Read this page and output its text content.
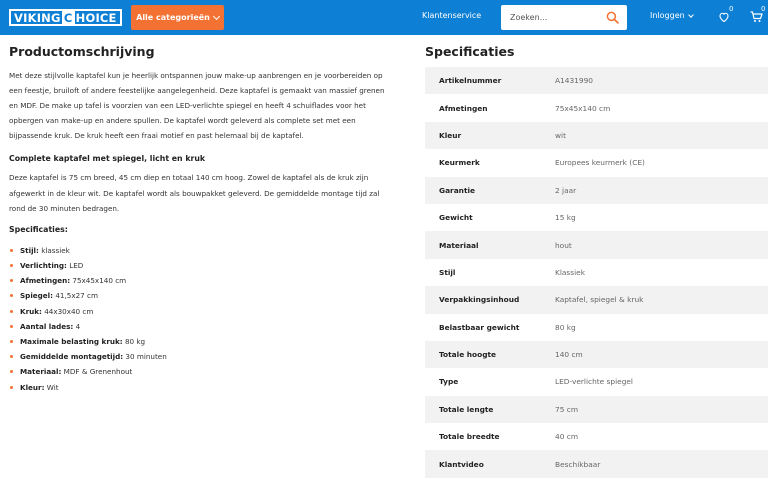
VIKING C HOICE Alle categorieën	Klantenservice
Zoeken...	Inloggen
0	0
Productomschrijving

Met deze stijlvolle kaptafel kun je heerlijk ontspannen jouw make-up aanbrengen en je voorbereiden op een feestje, bruiloft of andere feestelijke aangelegenheid. Deze kaptafel is gemaakt van massief grenen en MDF. De make up tafel is voorzien van een LED-verlichte spiegel en heeft 4 schuiflades voor het opbergen van make-up en andere spullen. De kaptafel wordt geleverd als complete set met een bijpassende kruk. De kruk heeft een fraai motief en past helemaal bij de kaptafel.

Complete kaptafel met spiegel, licht en kruk

Deze kaptafel is 75 cm breed, 45 cm diep en totaal 140 cm hoog. Zowel de kaptafel als de kruk zijn afgewerkt in de kleur wit. De kaptafel wordt als bouwpakket geleverd. De gemiddelde montage tijd zal rond de 30 minuten bedragen.

Specificaties:
Stijl: klassiek
Verlichting: LED
Afmetingen: 75x45x140 cm
Spiegel: 41,5x27 cm
Kruk: 44x30x40 cm
Aantal lades: 4
Maximale belasting kruk: 80 kg
Gemiddelde montagetijd: 30 minuten
Materiaal: MDF & Grenenhout
Kleur: Wit
Specificaties
Artikelnummer	A1431990
Afmetingen	75x45x140 cm
Kleur	wit
Keurmerk	Europees keurmerk (CE)
Garantie	2 jaar
Gewicht	15 kg
Materiaal	hout
Stijl	Klassiek
Verpakkingsinhoud	Kaptafel, spiegel & kruk
Belastbaar gewicht	80 kg
Totale hoogte	140 cm
Type	LED-verlichte spiegel
Totale lengte	75 cm
Totale breedte	40 cm
Klantvideo	Beschikbaar
